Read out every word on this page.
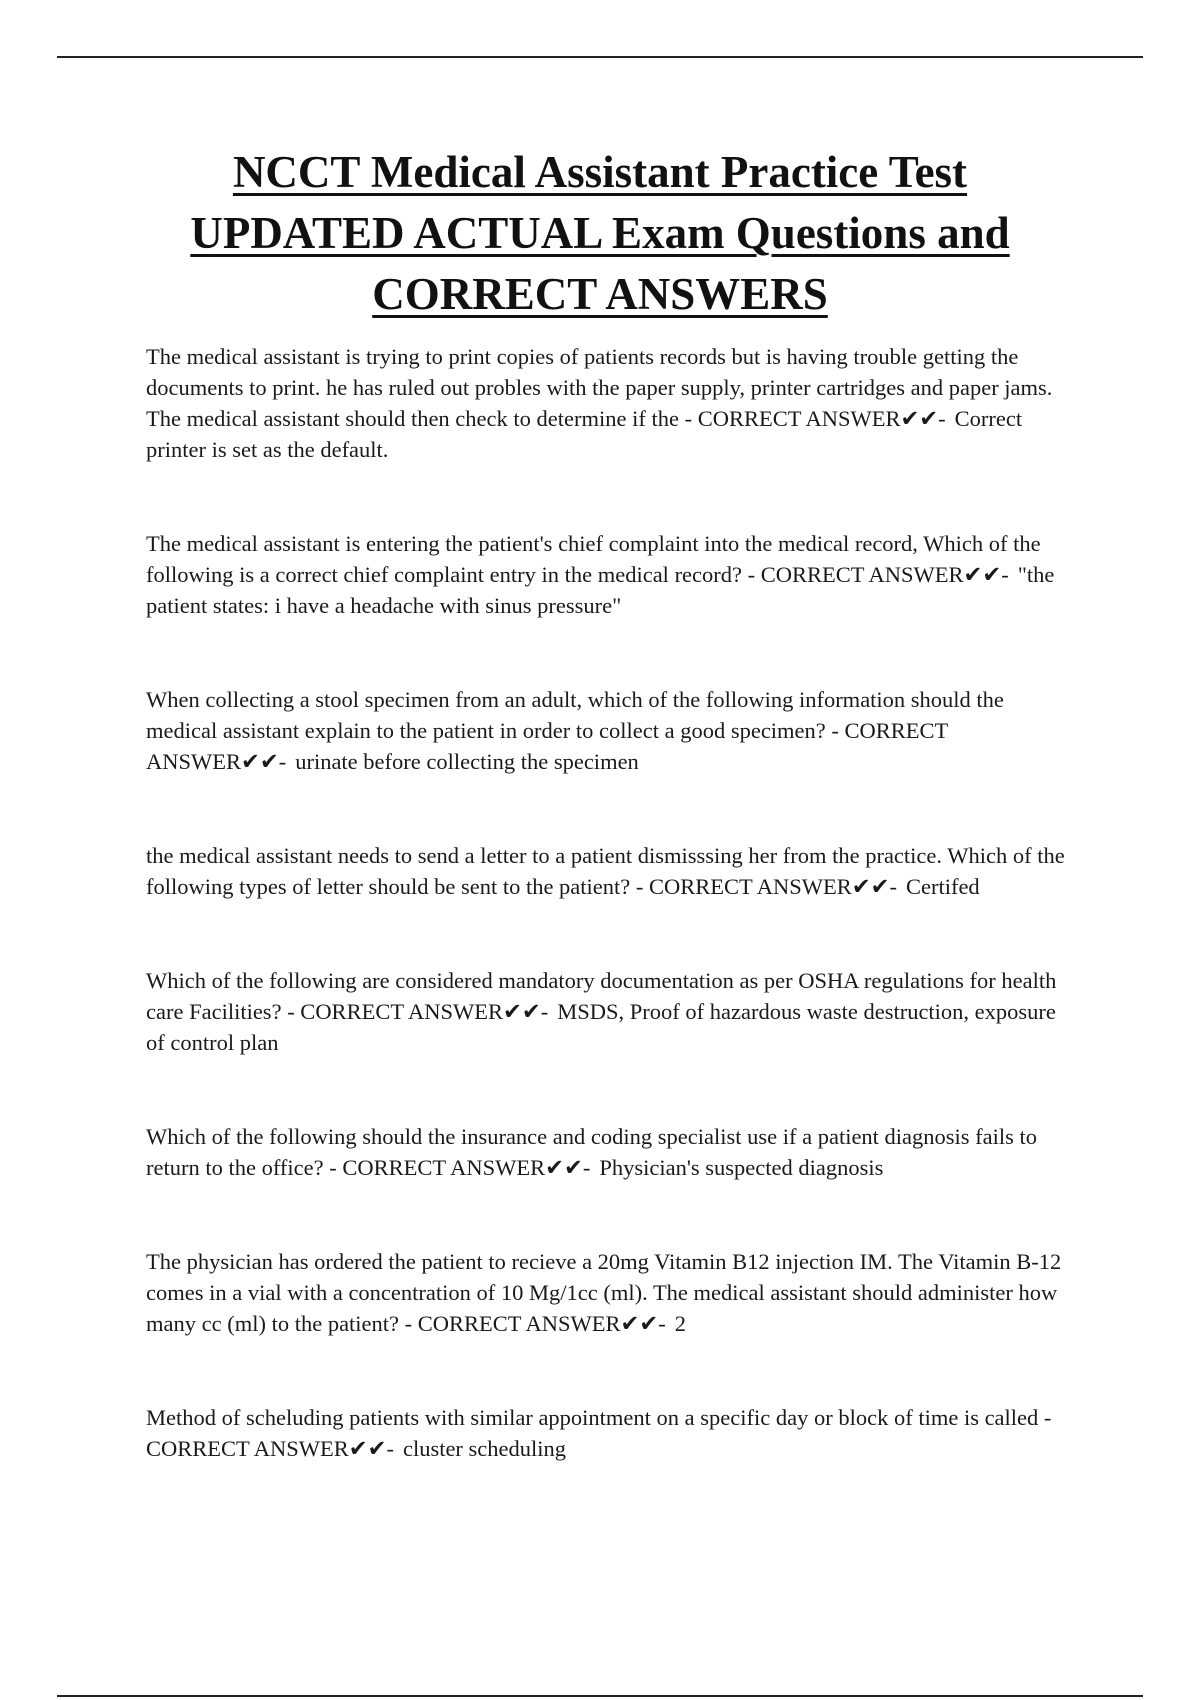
NCCT Medical Assistant Practice Test
UPDATED ACTUAL Exam Questions and
CORRECT ANSWERS

The medical assistant is trying to print copies of patients records but is having trouble getting the documents to print. he has ruled out probles with the paper supply, printer cartridges and paper jams. The medical assistant should then check to determine if the - CORRECT ANSWER✔✔- Correct printer is set as the default.

The medical assistant is entering the patient's chief complaint into the medical record, Which of the following is a correct chief complaint entry in the medical record? - CORRECT ANSWER✔✔- "the patient states: i have a headache with sinus pressure"

When collecting a stool specimen from an adult, which of the following information should the medical assistant explain to the patient in order to collect a good specimen? - CORRECT ANSWER✔✔- urinate before collecting the specimen

the medical assistant needs to send a letter to a patient dismisssing her from the practice. Which of the following types of letter should be sent to the patient? - CORRECT ANSWER✔✔- Certifed

Which of the following are considered mandatory documentation as per OSHA regulations for health care Facilities? - CORRECT ANSWER✔✔- MSDS, Proof of hazardous waste destruction, exposure of control plan

Which of the following should the insurance and coding specialist use if a patient diagnosis fails to return to the office? - CORRECT ANSWER✔✔- Physician's suspected diagnosis

The physician has ordered the patient to recieve a 20mg Vitamin B12 injection IM. The Vitamin B-12 comes in a vial with a concentration of 10 Mg/1cc (ml). The medical assistant should administer how many cc (ml) to the patient? - CORRECT ANSWER✔✔- 2

Method of scheluding patients with similar appointment on a specific day or block of time is called - CORRECT ANSWER✔✔- cluster scheduling
